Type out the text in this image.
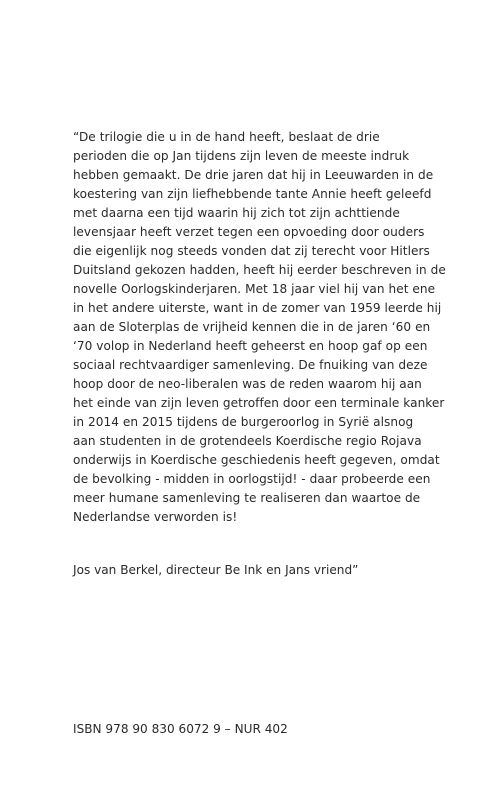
“De trilogie die u in de hand heeft, beslaat de drie
perioden die op Jan tijdens zijn leven de meeste indruk
hebben gemaakt. De drie jaren dat hij in Leeuwarden in de
koestering van zijn liefhebbende tante Annie heeft geleefd
met daarna een tijd waarin hij zich tot zijn achttiende
levensjaar heeft verzet tegen een opvoeding door ouders
die eigenlijk nog steeds vonden dat zij terecht voor Hitlers
Duitsland gekozen hadden, heeft hij eerder beschreven in de
novelle Oorlogskinderjaren. Met 18 jaar viel hij van het ene
in het andere uiterste, want in de zomer van 1959 leerde hij
aan de Sloterplas de vrijheid kennen die in de jaren ‘60 en
‘70 volop in Nederland heeft geheerst en hoop gaf op een
sociaal rechtvaardiger samenleving. De fnuiking van deze
hoop door de neo-liberalen was de reden waarom hij aan
het einde van zijn leven getroffen door een terminale kanker
in 2014 en 2015 tijdens de burgeroorlog in Syriё alsnog
aan studenten in de grotendeels Koerdische regio Rojava
onderwijs in Koerdische geschiedenis heeft gegeven, omdat
de bevolking - midden in oorlogstijd! - daar probeerde een
meer humane samenleving te realiseren dan waartoe de
Nederlandse verworden is!
Jos van Berkel, directeur Be Ink en Jans vriend”
ISBN 978 90 830 6072 9 – NUR 402
